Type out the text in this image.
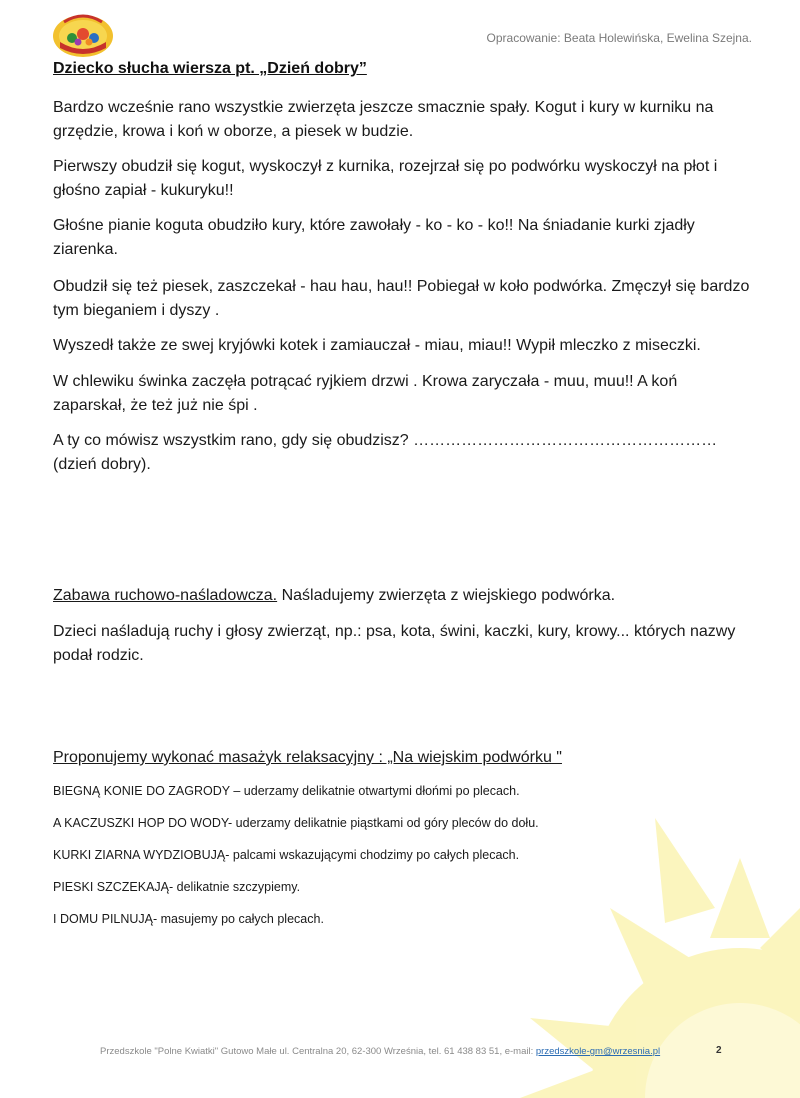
Opracowanie: Beata Holewińska, Ewelina Szejna.
Dziecko słucha wiersza pt. „Dzień dobry”

Bardzo wcześnie rano wszystkie zwierzęta jeszcze smacznie spały. Kogut i kury w kurniku na grzędzie, krowa i koń w oborze, a piesek w budzie.

Pierwszy obudził się kogut, wyskoczył z kurnika, rozejrzał się po podwórku wyskoczył na płot i głośno zapiał - kukuryku!!

Głośne pianie koguta obudziło kury, które zawołały - ko - ko - ko!! Na śniadanie kurki zjadły ziarenka.

Obudził się też piesek, zaszczekał - hau hau, hau!! Pobiegał w koło podwórka. Zmęczył się bardzo tym bieganiem i dyszy .

Wyszedł także ze swej kryjówki kotek i zamiauczał - miau, miau!! Wypił mleczko z miseczki.

W chlewiku świnka zaczęła potrącać ryjkiem drzwi . Krowa zaryczała - muu, muu!! A koń zaparskał, że też już nie śpi .

A ty co mówisz wszystkim rano, gdy się obudzisz? …………………………………………………(dzień dobry).

Zabawa ruchowo-naśladowcza. Naśladujemy zwierzęta z wiejskiego podwórka.

Dzieci naśladują ruchy i głosy zwierząt, np.: psa, kota, świni, kaczki, kury, krowy... których nazwy podał rodzic.

Proponujemy wykonać masażyk relaksacyjny : „Na wiejskim podwórku "

BIEGNĄ KONIE DO ZAGRODY – uderzamy delikatnie otwartymi dłońmi po plecach.

A KACZUSZKI HOP DO WODY- uderzamy delikatnie piąstkami od góry pleców do dołu.

KURKI ZIARNA WYDZIOBUJĄ- palcami wskazującymi chodzimy po całych plecach.

PIESKI SZCZEKAJĄ- delikatnie szczypiemy.

I DOMU PILNUJĄ- masujemy po całych plecach.

Przedszkole "Polne Kwiatki" Gutowo Małe ul. Centralna 20, 62-300 Września, tel. 61 438 83 51, e-mail: przedszkole-gm@wrzesnia.pl	2
